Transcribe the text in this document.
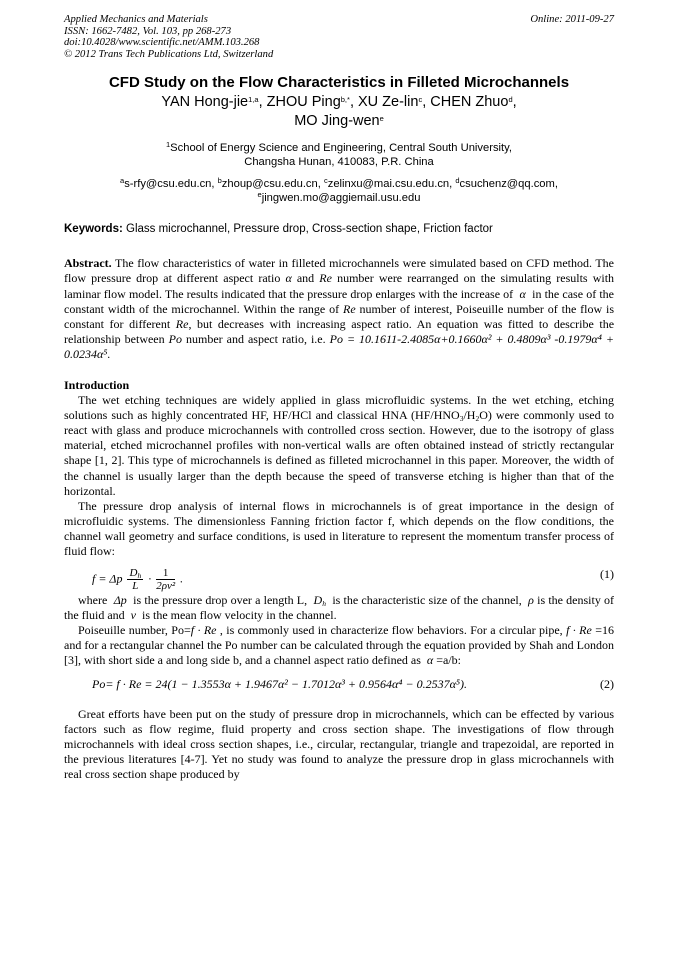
Applied Mechanics and Materials	Online: 2011-09-27
ISSN: 1662-7482, Vol. 103, pp 268-273
doi:10.4028/www.scientific.net/AMM.103.268
© 2012 Trans Tech Publications Ltd, Switzerland
CFD Study on the Flow Characteristics in Filleted Microchannels
YAN Hong-jie$^{1,a}$, ZHOU Ping$^{b,*}$, XU Ze-lin$^c$, CHEN Zhuo$^d$,
MO Jing-wen$^e$
$^1$School of Energy Science and Engineering, Central South University,
Changsha Hunan, 410083, P.R. China
$^a$s-rfy@csu.edu.cn, $^b$zhoup@csu.edu.cn, $^c$zelinxu@mai.csu.edu.cn, $^d$csuchenz@qq.com,
$^e$jingwen.mo@aggiemail.usu.edu
Keywords: Glass microchannel, Pressure drop, Cross-section shape, Friction factor

Abstract. The flow characteristics of water in filleted microchannels were simulated based on CFD method. The flow pressure drop at different aspect ratio α and Re number were rearranged on the simulating results with laminar flow model. The results indicated that the pressure drop enlarges with the increase of α in the case of the constant width of the microchannel. Within the range of Re number of interest, Poiseuille number of the flow is constant for different Re, but decreases with increasing aspect ratio. An equation was fitted to describe the relationship between Po number and aspect ratio, i.e. Po = 10.1611-2.4085α+0.1660α² + 0.4809α³ -0.1979α⁴ + 0.0234α⁵.

Introduction

The wet etching techniques are widely applied in glass microfluidic systems. In the wet etching, etching solutions such as highly concentrated HF, HF/HCl and classical HNA $(HF/HNO_3/H_2O)$ were commonly used to react with glass and produce microchannels with controlled cross section. However, due to the isotropy of glass material, etched microchannel profiles with non-vertical walls are often obtained instead of strictly rectangular shape [1, 2]. This type of microchannels is defined as filleted microchannel in this paper. Moreover, the width of the channel is usually larger than the depth because the speed of transverse etching is higher than that of the horizontal.

The pressure drop analysis of internal flows in microchannels is of great importance in the design of microfluidic systems. The dimensionless Fanning friction factor f, which depends on the flow conditions, the channel wall geometry and surface conditions, is used in literature to represent the momentum transfer process of fluid flow:

f = Δp $\frac{D_h}{L} \cdot \frac{1}{\text{2ρv²}}$ .	(1)

where Δp is the pressure drop over a length L, $D_h$ is the characteristic size of the channel, ρ is the density of the fluid and v is the mean flow velocity in the channel.

Poiseuille number, Po=f · Re , is commonly used in characterize flow behaviors. For a circular pipe, f · Re =16 and for a rectangular channel the Po number can be calculated through the equation provided by Shah and London [3], with short side a and long side b, and a channel aspect ratio defined as α =a/b:

Po= f · Re = 24(1 − 1.3553α + 1.9467α² − 1.7012α³ + 0.9564α⁴ − 0.2537α⁵).	(2)

Great efforts have been put on the study of pressure drop in microchannels, which can be effected by various factors such as flow regime, fluid property and cross section shape. The investigations of flow through microchannels with ideal cross section shapes, i.e., circular, rectangular, triangle and trapezoidal, are reported in the previous literatures [4-7]. Yet no study was found to analyze the pressure drop in glass microchannels with real cross section shape produced by
